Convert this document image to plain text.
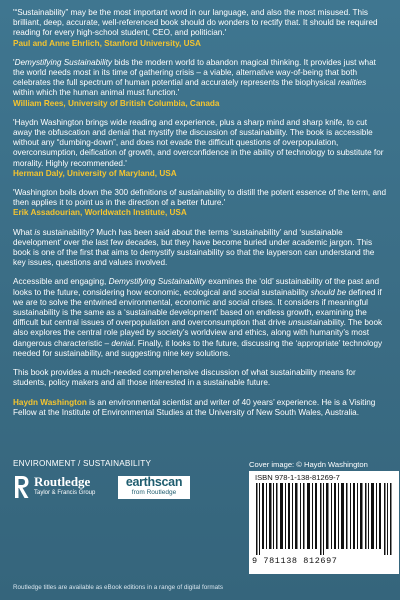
'“Sustainability” may be the most important word in our language, and also the most misused. This brilliant, deep, accurate, well-referenced book should do wonders to rectify that. It should be required reading for every high-school student, CEO, and politician.'

Paul and Anne Ehrlich, Stanford University, USA

'Demystifying Sustainability bids the modern world to abandon magical thinking. It provides just what the world needs most in its time of gathering crisis – a viable, alternative way-of-being that both celebrates the full spectrum of human potential and accurately represents the biophysical realities within which the human animal must function.'

William Rees, University of British Columbia, Canada

'Haydn Washington brings wide reading and experience, plus a sharp mind and sharp knife, to cut away the obfuscation and denial that mystify the discussion of sustainability. The book is accessible without any “dumbing-down”, and does not evade the difficult questions of overpopulation, overconsumption, deification of growth, and overconfidence in the ability of technology to substitute for morality. Highly recommended.'

Herman Daly, University of Maryland, USA

'Washington boils down the 300 definitions of sustainability to distill the potent essence of the term, and then applies it to point us in the direction of a better future.'

Erik Assadourian, Worldwatch Institute, USA

What is sustainability? Much has been said about the terms ‘sustainability’ and ‘sustainable development’ over the last few decades, but they have become buried under academic jargon. This book is one of the first that aims to demystify sustainability so that the layperson can understand the key issues, questions and values involved.

Accessible and engaging, Demystifying Sustainability examines the ‘old’ sustainability of the past and looks to the future, considering how economic, ecological and social sustainability should be defined if we are to solve the entwined environmental, economic and social crises. It considers if meaningful sustainability is the same as a ‘sustainable development’ based on endless growth, examining the difficult but central issues of overpopulation and overconsumption that drive unsustainability. The book also explores the central role played by society’s worldview and ethics, along with humanity’s most dangerous characteristic – denial. Finally, it looks to the future, discussing the ‘appropriate’ technology needed for sustainability, and suggesting nine key solutions.

This book provides a much-needed comprehensive discussion of what sustainability means for students, policy makers and all those interested in a sustainable future.

Haydn Washington is an environmental scientist and writer of 40 years’ experience. He is a Visiting Fellow at the Institute of Environmental Studies at the University of New South Wales, Australia.

ENVIRONMENT / SUSTAINABILITY	Cover image: © Haydn Washington
Routledge
Taylor & Francis Group
earthscan
from Routledge
ISBN 978-1-138-81269-7
9 781138 812697
Routledge titles are available as eBook editions in a range of digital formats
